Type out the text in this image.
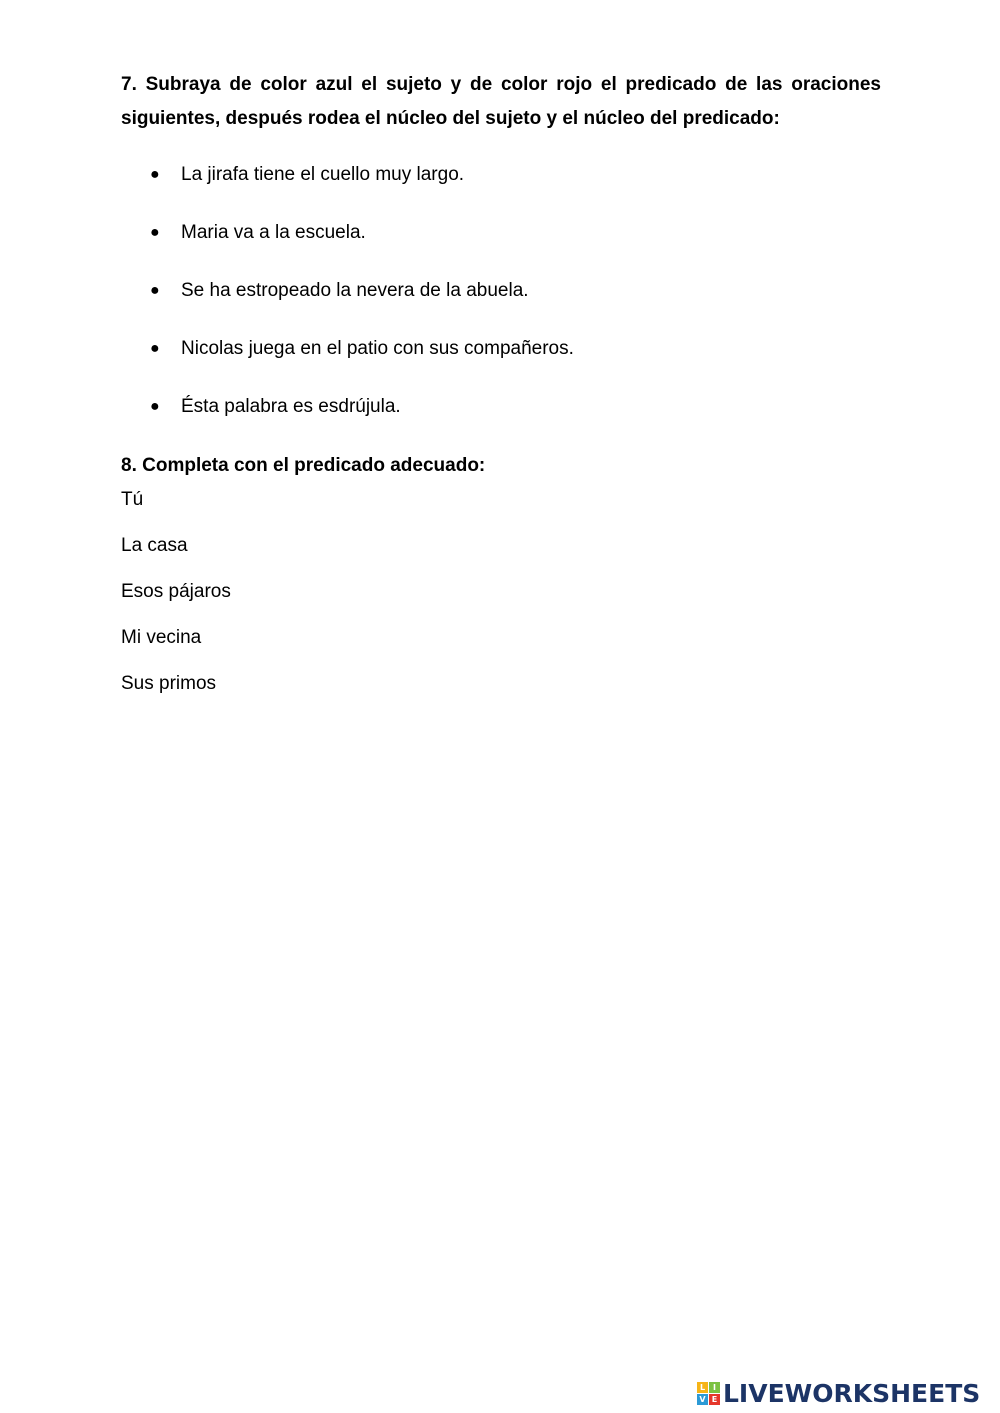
7. Subraya de color azul el sujeto y de color rojo el predicado de las oraciones siguientes, después rodea el núcleo del sujeto y el núcleo del predicado:

●	La jirafa tiene el cuello muy largo.
●	Maria va a la escuela.
●	Se ha estropeado la nevera de la abuela.
●	Nicolas juega en el patio con sus compañeros.
●	Ésta palabra es esdrújula.

8. Completa con el predicado adecuado:

Tú
La casa
Esos pájaros
Mi vecina
Sus primos
L I
V E LIVEWORKSHEETS
